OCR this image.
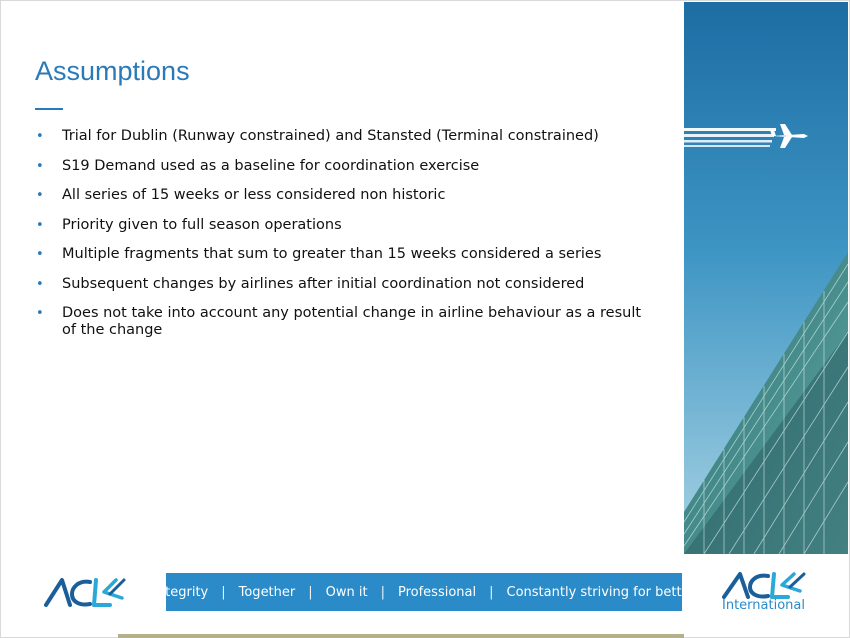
Assumptions
• Trial for Dublin (Runway constrained) and Stansted (Terminal constrained)
• S19 Demand used as a baseline for coordination exercise
• All series of 15 weeks or less considered non historic
• Priority given to full season operations
• Multiple fragments that sum to greater than 15 weeks considered a series
• Subsequent changes by airlines after initial coordination not considered
• Does not take into account any potential change in airline behaviour as a result of the change
Integrity | Together | Own it | Professional | Constantly striving for better
International
